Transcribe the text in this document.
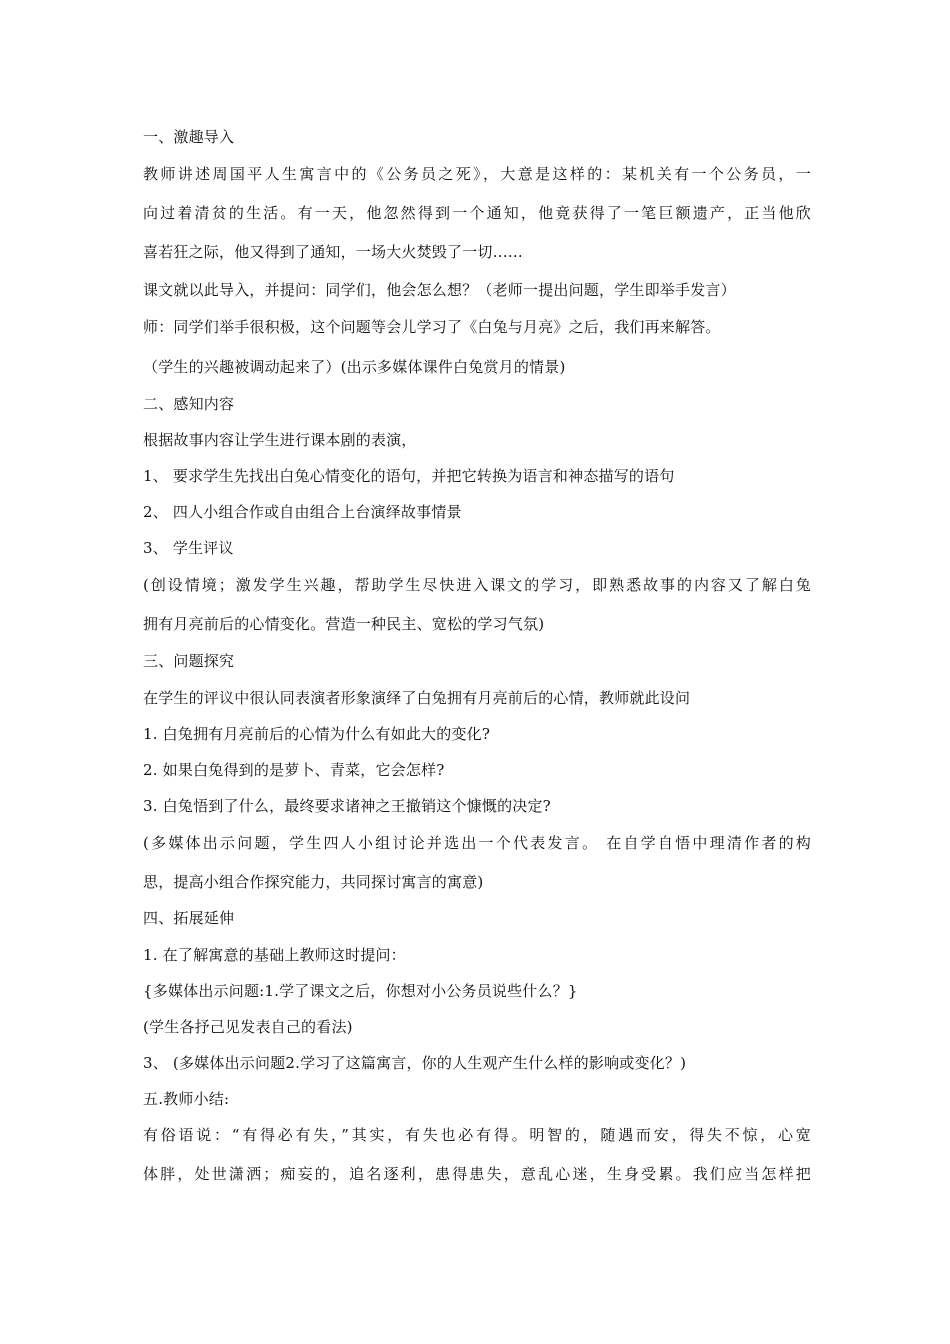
一、激趣导入
教师讲述周国平人生寓言中的《公务员之死》，大意是这样的：某机关有一个公务员，一
向过着清贫的生活。有一天，他忽然得到一个通知，他竟获得了一笔巨额遗产，正当他欣
喜若狂之际，他又得到了通知，一场大火焚毁了一切……
课文就以此导入，并提问：同学们，他会怎么想？（老师一提出问题，学生即举手发言）
师：同学们举手很积极，这个问题等会儿学习了《白兔与月亮》之后，我们再来解答。
（学生的兴趣被调动起来了）(出示多媒体课件白兔赏月的情景)
二、感知内容
根据故事内容让学生进行课本剧的表演，
1、 要求学生先找出白兔心情变化的语句，并把它转换为语言和神态描写的语句
2、 四人小组合作或自由组合上台演绎故事情景
3、 学生评议
(创设情境；激发学生兴趣，帮助学生尽快进入课文的学习，即熟悉故事的内容又了解白兔
拥有月亮前后的心情变化。营造一种民主、宽松的学习气氛)
三、问题探究
在学生的评议中很认同表演者形象演绎了白兔拥有月亮前后的心情，教师就此设问
1. 白兔拥有月亮前后的心情为什么有如此大的变化?
2. 如果白兔得到的是萝卜、青菜，它会怎样?
3. 白兔悟到了什么，最终要求诸神之王撤销这个慷慨的决定?
(多媒体出示问题，学生四人小组讨论并选出一个代表发言。 在自学自悟中理清作者的构
思，提高小组合作探究能力，共同探讨寓言的寓意)
四、拓展延伸
1. 在了解寓意的基础上教师这时提问：
{多媒体出示问题:1.学了课文之后，你想对小公务员说些什么？}
(学生各抒己见发表自己的看法)
3、 (多媒体出示问题2.学习了这篇寓言，你的人生观产生什么样的影响或变化？)
五.教师小结:
有俗语说：“有得必有失，”其实，有失也必有得。明智的，随遇而安，得失不惊，心宽
体胖，处世潇洒；痴妄的，追名逐利，患得患失，意乱心迷，生身受累。我们应当怎样把
